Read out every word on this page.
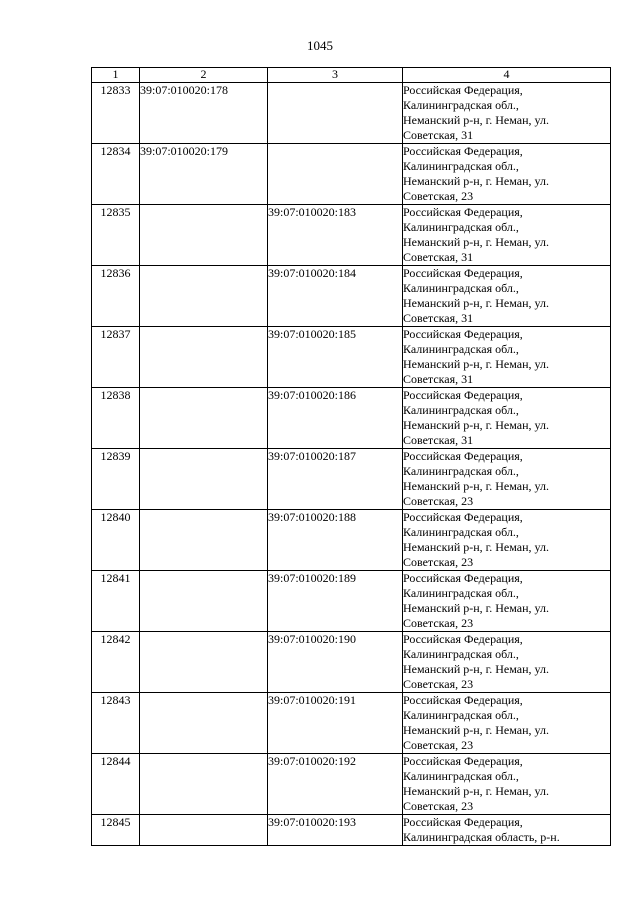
1045
1	2	3	4
12833	39:07:010020:178		Российская Федерация,
Калининградская обл.,
Неманский р-н, г. Неман, ул.
Советская, 31

12834	39:07:010020:179		Российская Федерация,
Калининградская обл.,
Неманский р-н, г. Неман, ул.
Советская, 23

12835		39:07:010020:183	Российская Федерация,
Калининградская обл.,
Неманский р-н, г. Неман, ул.
Советская, 31

12836		39:07:010020:184	Российская Федерация,
Калининградская обл.,
Неманский р-н, г. Неман, ул.
Советская, 31

12837		39:07:010020:185	Российская Федерация,
Калининградская обл.,
Неманский р-н, г. Неман, ул.
Советская, 31

12838		39:07:010020:186	Российская Федерация,
Калининградская обл.,
Неманский р-н, г. Неман, ул.
Советская, 31

12839		39:07:010020:187	Российская Федерация,
Калининградская обл.,
Неманский р-н, г. Неман, ул.
Советская, 23

12840		39:07:010020:188	Российская Федерация,
Калининградская обл.,
Неманский р-н, г. Неман, ул.
Советская, 23

12841		39:07:010020:189	Российская Федерация,
Калининградская обл.,
Неманский р-н, г. Неман, ул.
Советская, 23

12842		39:07:010020:190	Российская Федерация,
Калининградская обл.,
Неманский р-н, г. Неман, ул.
Советская, 23

12843		39:07:010020:191	Российская Федерация,
Калининградская обл.,
Неманский р-н, г. Неман, ул.
Советская, 23

12844		39:07:010020:192	Российская Федерация,
Калининградская обл.,
Неманский р-н, г. Неман, ул.
Советская, 23

12845		39:07:010020:193	Российская Федерация,
Калининградская область, р-н.
